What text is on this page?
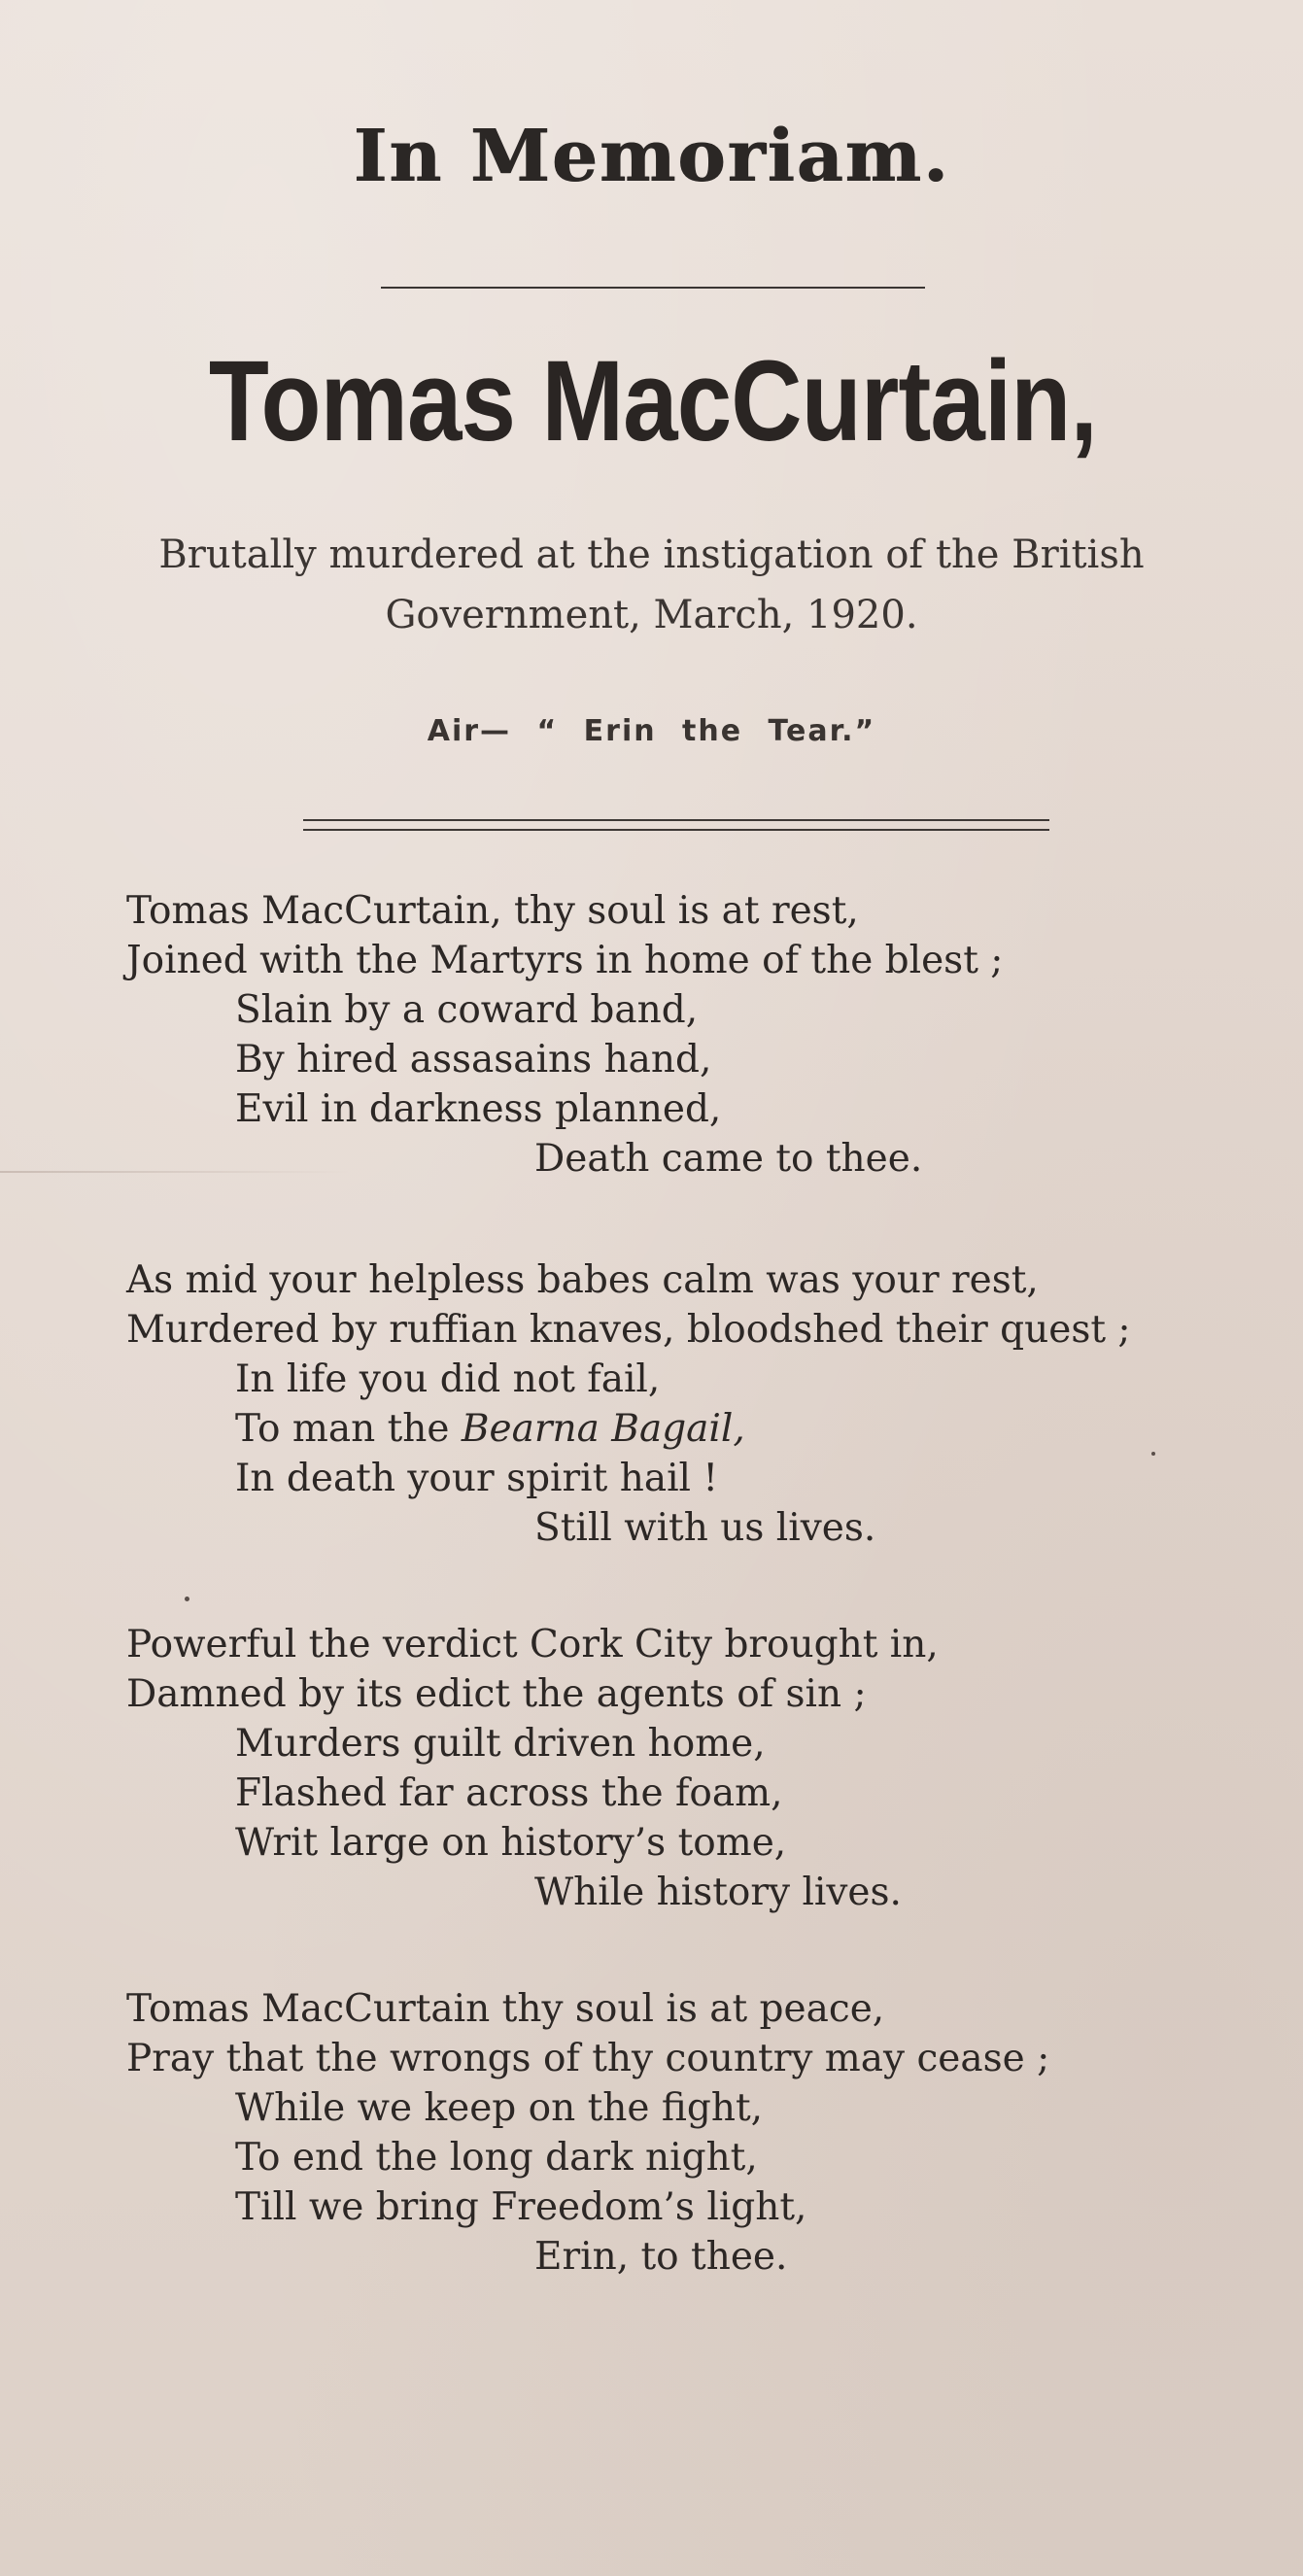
In Memoriam.
Tomas MacCurtain,
Brutally murdered at the instigation of the British
Government, March, 1920.
Air— “ Erin the Tear.”
Tomas MacCurtain, thy soul is at rest,
Joined with the Martyrs in home of the blest ;
Slain by a coward band,
By hired assasains hand,
Evil in darkness planned,
Death came to thee.
As mid your helpless babes calm was your rest,
Murdered by ruffian knaves, bloodshed their quest ;
In life you did not fail,
To man the Bearna Bagail,
In death your spirit hail !
Still with us lives.
Powerful the verdict Cork City brought in,
Damned by its edict the agents of sin ;
Murders guilt driven home,
Flashed far across the foam,
Writ large on history’s tome,
While history lives.
Tomas MacCurtain thy soul is at peace,
Pray that the wrongs of thy country may cease ;
While we keep on the fight,
To end the long dark night,
Till we bring Freedom’s light,
Erin, to thee.
